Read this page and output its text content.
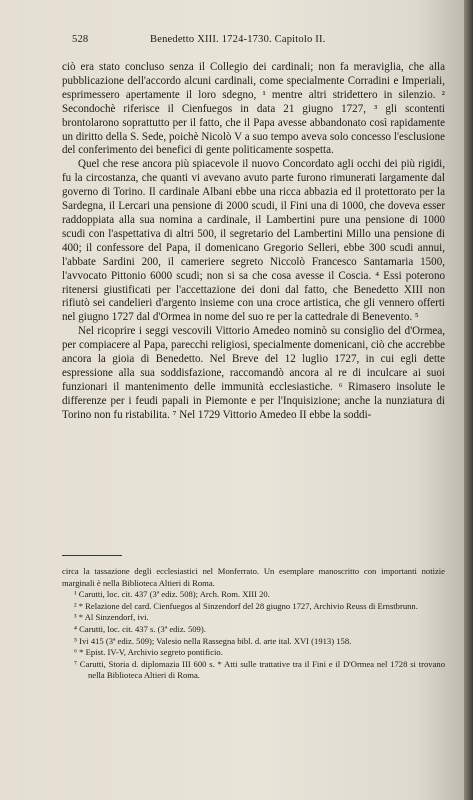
528	Benedetto XIII. 1724-1730. Capitolo II.

ciò era stato concluso senza il Collegio dei cardinali; non fa meraviglia, che alla pubblicazione dell'accordo alcuni cardinali, come specialmente Corradini e Imperiali, esprimessero apertamente il loro sdegno, ¹ mentre altri stridettero in silenzio. ² Secondochè riferisce il Cienfuegos in data 21 giugno 1727, ³ gli scontenti brontolarono soprattutto per il fatto, che il Papa avesse abbandonato così rapidamente un diritto della S. Sede, poichè Nicolò V a suo tempo aveva solo concesso l'esclusione del conferimento dei benefici di gente politicamente sospetta.

Quel che rese ancora più spiacevole il nuovo Concordato agli occhi dei più rigidi, fu la circostanza, che quanti vi avevano avuto parte furono rimunerati largamente dal governo di Torino. Il cardinale Albani ebbe una ricca abbazia ed il protettorato per la Sardegna, il Lercari una pensione di 2000 scudi, il Fini una di 1000, che doveva esser raddoppiata alla sua nomina a cardinale, il Lambertini pure una pensione di 1000 scudi con l'aspettativa di altri 500, il segretario del Lambertini Millo una pensione di 400; il confessore del Papa, il domenicano Gregorio Selleri, ebbe 300 scudi annui, l'abbate Sardini 200, il cameriere segreto Niccolò Francesco Santamaria 1500, l'avvocato Pittonio 6000 scudi; non si sa che cosa avesse il Coscia. ⁴ Essi poterono ritenersi giustificati per l'accettazione dei doni dal fatto, che Benedetto XIII non rifiutò sei candelieri d'argento insieme con una croce artistica, che gli vennero offerti nel giugno 1727 dal d'Ormea in nome del suo re per la cattedrale di Benevento. ⁵

Nel ricoprire i seggi vescovili Vittorio Amedeo nominò su consiglio del d'Ormea, per compiacere al Papa, parecchi religiosi, specialmente domenicani, ciò che accrebbe ancora la gioia di Benedetto. Nel Breve del 12 luglio 1727, in cui egli dette espressione alla sua soddisfazione, raccomandò ancora al re di inculcare ai suoi funzionari il mantenimento delle immunità ecclesiastiche. ⁶ Rimasero insolute le differenze per i feudi papali in Piemonte e per l'Inquisizione; anche la nunziatura di Torino non fu ristabilita. ⁷ Nel 1729 Vittorio Amedeo II ebbe la soddi-

circa la tassazione degli ecclesiastici nel Monferrato. Un esemplare manoscritto con importanti notizie marginali è nella Biblioteca Altieri di Roma.

¹ Carutti, loc. cit. 437 (3ª ediz. 508); Arch. Rom. XIII 20.

² * Relazione del card. Cienfuegos al Sinzendorf del 28 giugno 1727, Archivio Reuss di Ernstbrunn.

³ * Al Sinzendorf, ivi.

⁴ Carutti, loc. cit. 437 s. (3ª ediz. 509).

⁵ Ivi 415 (3ª ediz. 509); Valesio nella Rassegna bibl. d. arte ital. XVI (1913) 158.

⁶ * Epist. IV-V, Archivio segreto pontificio.

⁷ Carutti, Storia d. diplomazia III 600 s. * Atti sulle trattative tra il Fini e il D'Ormea nel 1728 si trovano nella Biblioteca Altieri di Roma.
